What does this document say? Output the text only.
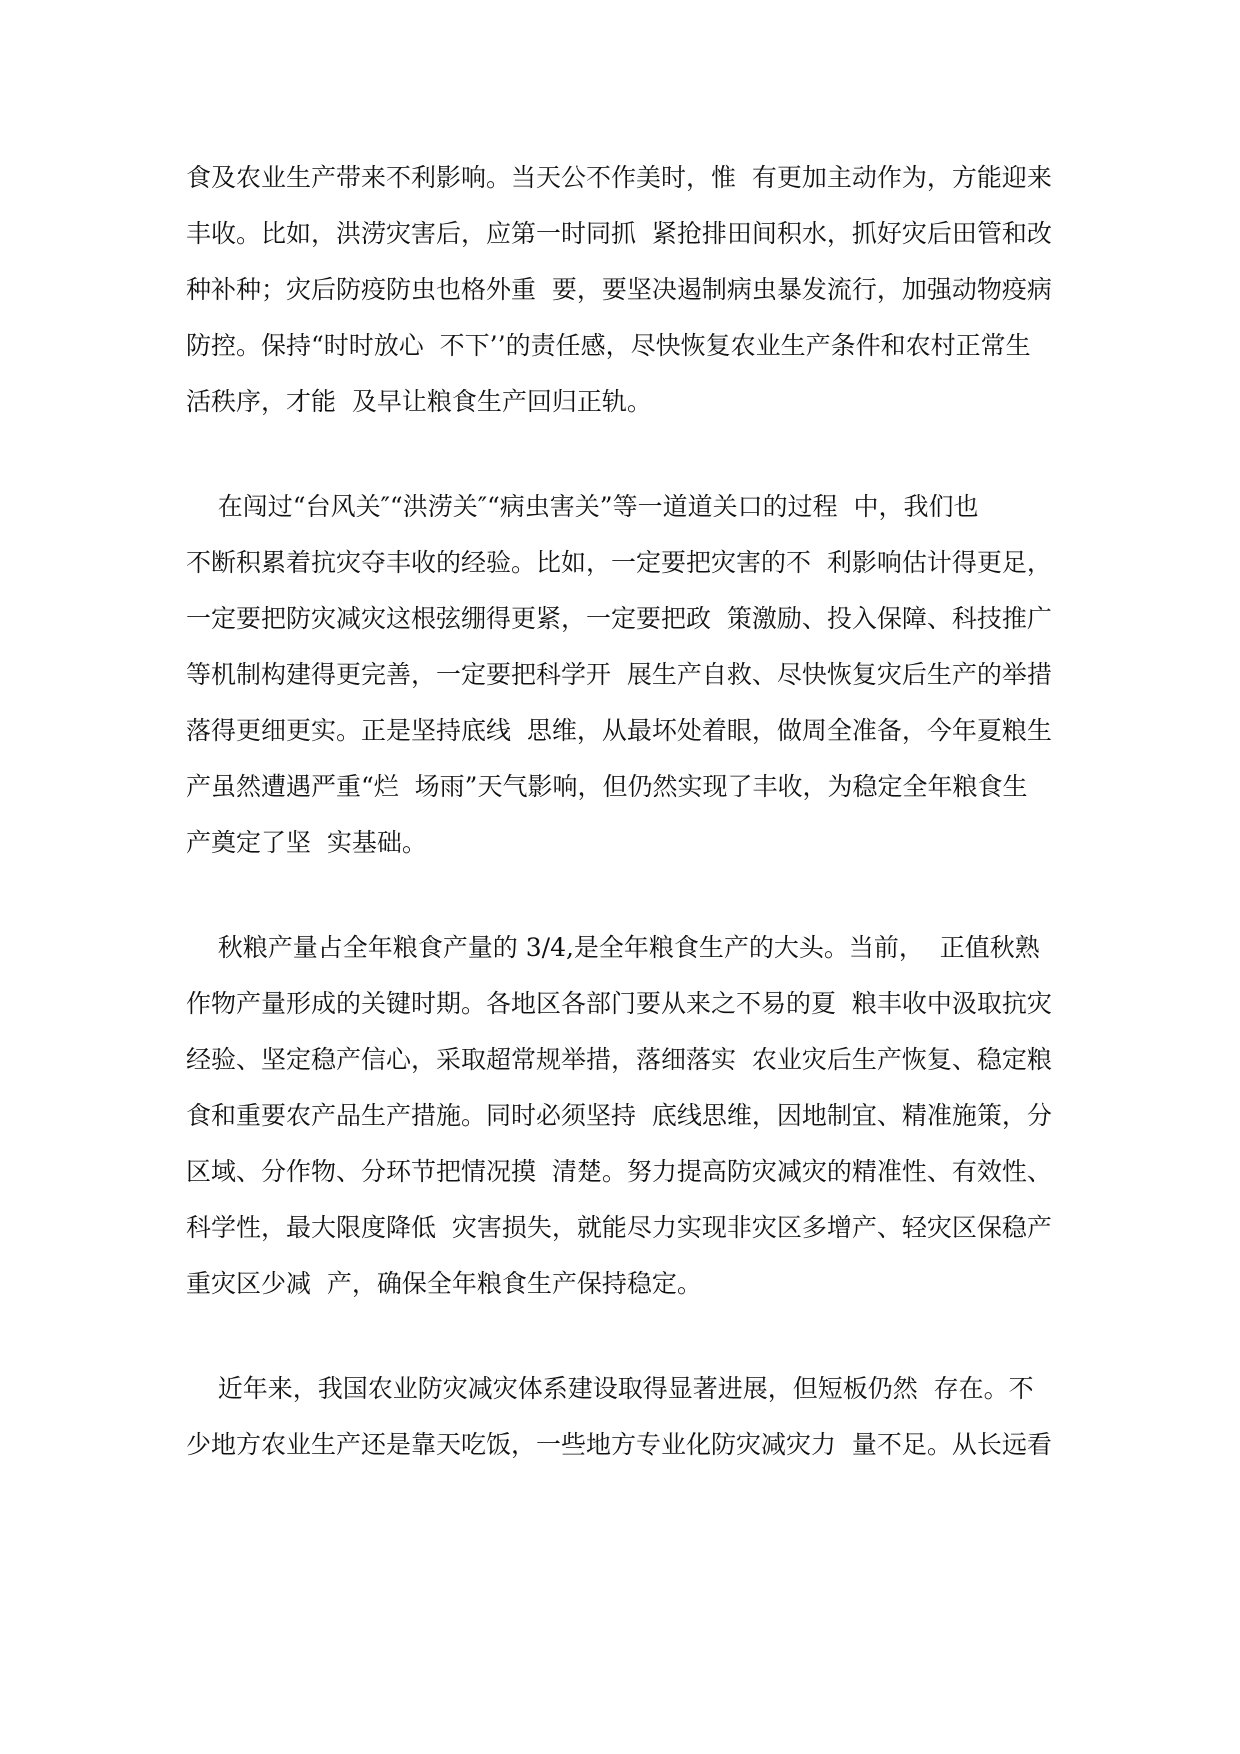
食及农业生产带来不利影响。当天公不作美时，惟  有更加主动作为，方能迎来
丰收。比如，洪涝灾害后，应第一时同抓  紧抢排田间积水，抓好灾后田管和改
种补种；灾后防疫防虫也格外重  要，要坚决遏制病虫暴发流行，加强动物疫病
防控。保持“时时放心  不下’’的责任感，尽快恢复农业生产条件和农村正常生
活秩序，才能  及早让粮食生产回归正轨。

在闯过“台风关″“洪涝关″“病虫害关”等一道道关口的过程  中，我们也
不断积累着抗灾夺丰收的经验。比如，一定要把灾害的不  利影响估计得更足，
一定要把防灾减灾这根弦绷得更紧，一定要把政  策激励、投入保障、科技推广
等机制构建得更完善，一定要把科学开  展生产自救、尽快恢复灾后生产的举措
落得更细更实。正是坚持底线  思维，从最坏处着眼，做周全准备，今年夏粮生
产虽然遭遇严重“烂  场雨”天气影响，但仍然实现了丰收，为稳定全年粮食生
产奠定了坚  实基础。

秋粮产量占全年粮食产量的 3/4,是全年粮食生产的大头。当前，  正值秋熟
作物产量形成的关键时期。各地区各部门要从来之不易的夏  粮丰收中汲取抗灾
经验、坚定稳产信心，采取超常规举措，落细落实  农业灾后生产恢复、稳定粮
食和重要农产品生产措施。同时必须坚持  底线思维，因地制宜、精准施策，分
区域、分作物、分环节把情况摸  清楚。努力提高防灾减灾的精准性、有效性、
科学性，最大限度降低  灾害损失，就能尽力实现非灾区多增产、轻灾区保稳产
重灾区少减  产，确保全年粮食生产保持稳定。

近年来，我国农业防灾减灾体系建设取得显著进展，但短板仍然  存在。不
少地方农业生产还是靠天吃饭，一些地方专业化防灾减灾力  量不足。从长远看
